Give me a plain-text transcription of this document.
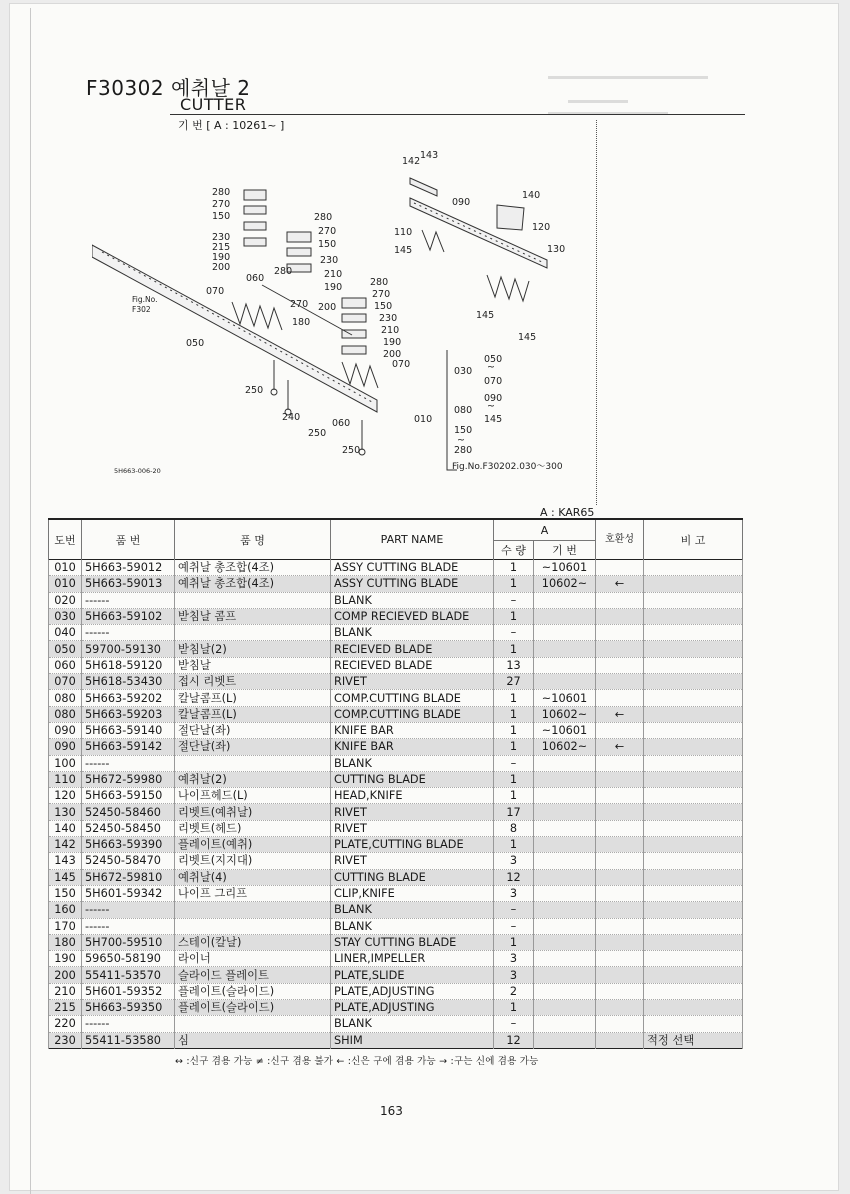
F30302 예취날 2
CUTTER
기 번 [ A : 10261~ ]
142
143
090
140
120
130
110
145
145
145
280
270
150
230
215
190
200
280
270
150
230
210
190
200
270
280
060
070
050
280
270
150
230
210
190
200
070
180
250
240
250
060
250
050
~
070
030
090
~
145
080
010
150
~
280
Fig.No.
F302
5H663-006-20	Fig.No.F30202.030～300
A : KAR65
도번	품 번	품 명	PART NAME	A		호환성	비 고
				수 량	기 번		
010	5H663-59012	예취날 총조합(4조)	ASSY CUTTING BLADE	1	~10601		
010	5H663-59013	예취날 총조합(4조)	ASSY CUTTING BLADE	1	10602~	←	
020	------		BLANK	–			
030	5H663-59102	받침날 콤프	COMP RECIEVED BLADE	1			
040	------		BLANK	–			
050	59700-59130	받침날(2)	RECIEVED BLADE	1			
060	5H618-59120	받침날	RECIEVED BLADE	13			
070	5H618-53430	접시 리벳트	RIVET	27			
080	5H663-59202	칼날콤프(L)	COMP.CUTTING BLADE	1	~10601		
080	5H663-59203	칼날콤프(L)	COMP.CUTTING BLADE	1	10602~	←	
090	5H663-59140	절단날(좌)	KNIFE BAR	1	~10601		
090	5H663-59142	절단날(좌)	KNIFE BAR	1	10602~	←	
100	------		BLANK	–			
110	5H672-59980	예취날(2)	CUTTING BLADE	1			
120	5H663-59150	나이프헤드(L)	HEAD,KNIFE	1			
130	52450-58460	리벳트(예취날)	RIVET	17			
140	52450-58450	리벳트(헤드)	RIVET	8			
142	5H663-59390	플레이트(예취)	PLATE,CUTTING BLADE	1			
143	52450-58470	리벳트(지지대)	RIVET	3			
145	5H672-59810	예취날(4)	CUTTING BLADE	12			
150	5H601-59342	나이프 그리프	CLIP,KNIFE	3			
160	------		BLANK	–			
170	------		BLANK	–			
180	5H700-59510	스테이(칼날)	STAY CUTTING BLADE	1			
190	59650-58190	라이너	LINER,IMPELLER	3			
200	55411-53570	슬라이드 플레이트	PLATE,SLIDE	3			
210	5H601-59352	플레이트(슬라이드)	PLATE,ADJUSTING	2			
215	5H663-59350	플레이트(슬라이드)	PLATE,ADJUSTING	1			
220	------		BLANK	–			
230	55411-53580	심	SHIM	12			적정 선택
↔ :신구 겸용 가능 ≠ :신구 겸용 불가 ← :신은 구에 겸용 가능 → :구는 신에 겸용 가능
163
